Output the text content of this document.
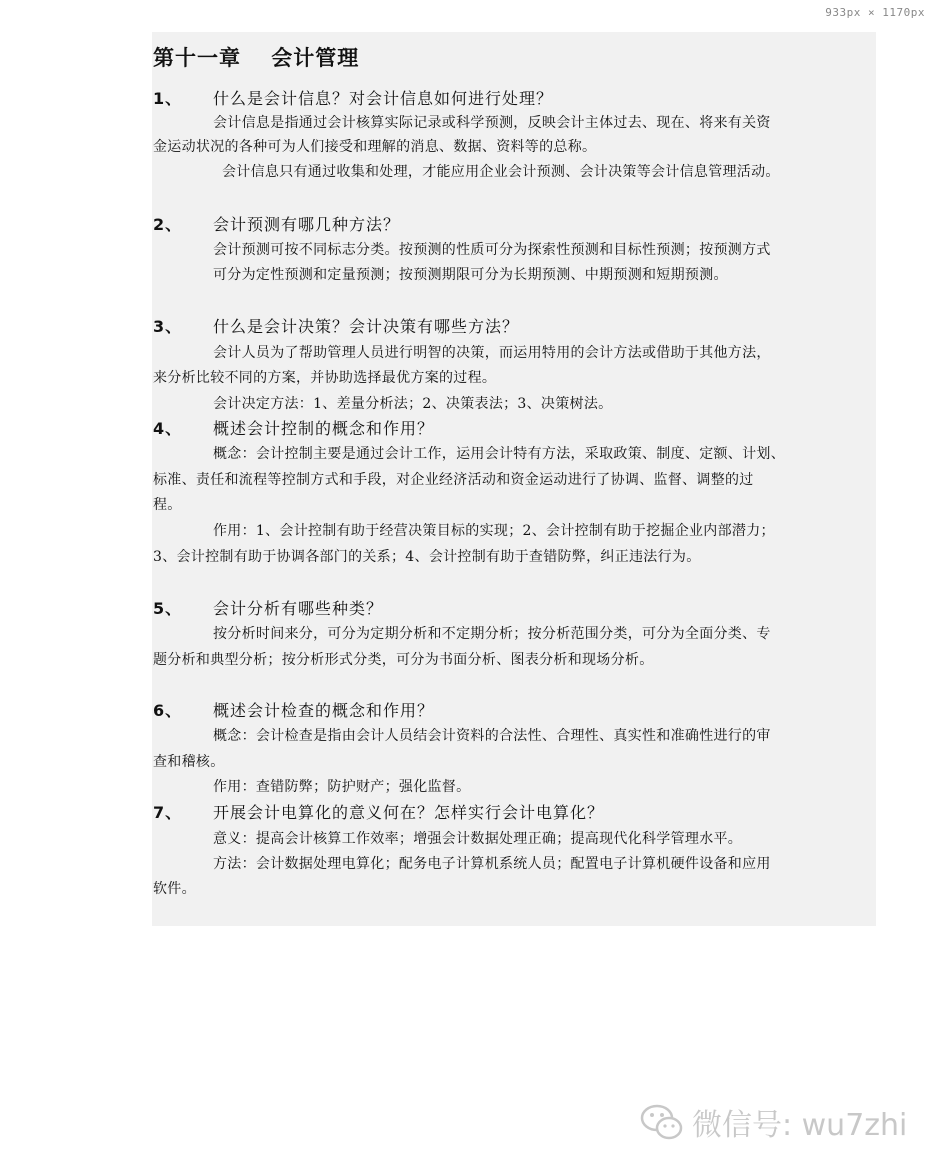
933px × 1170px
第十一章　 会计管理
1、 什么是会计信息？对会计信息如何进行处理？
会计信息是指通过会计核算实际记录或科学预测，反映会计主体过去、现在、将来有关资
金运动状况的各种可为人们接受和理解的消息、数据、资料等的总称。
会计信息只有通过收集和处理，才能应用企业会计预测、会计决策等会计信息管理活动。
2、 会计预测有哪几种方法？
会计预测可按不同标志分类。按预测的性质可分为探索性预测和目标性预测；按预测方式
可分为定性预测和定量预测；按预测期限可分为长期预测、中期预测和短期预测。
3、 什么是会计决策？会计决策有哪些方法？
会计人员为了帮助管理人员进行明智的决策，而运用特用的会计方法或借助于其他方法，
来分析比较不同的方案，并协助选择最优方案的过程。
会计决定方法：1、差量分析法；2、决策表法；3、决策树法。
4、 概述会计控制的概念和作用？
概念：会计控制主要是通过会计工作，运用会计特有方法，采取政策、制度、定额、计划、
标准、责任和流程等控制方式和手段，对企业经济活动和资金运动进行了协调、监督、调整的过
程。
作用：1、会计控制有助于经营决策目标的实现；2、会计控制有助于挖掘企业内部潜力；
3、会计控制有助于协调各部门的关系；4、会计控制有助于查错防弊，纠正违法行为。
5、 会计分析有哪些种类？
按分析时间来分，可分为定期分析和不定期分析；按分析范围分类，可分为全面分类、专
题分析和典型分析；按分析形式分类，可分为书面分析、图表分析和现场分析。
6、 概述会计检查的概念和作用？
概念：会计检查是指由会计人员结会计资料的合法性、合理性、真实性和准确性进行的审
查和稽核。
作用：查错防弊；防护财产；强化监督。
7、 开展会计电算化的意义何在？怎样实行会计电算化？
意义：提高会计核算工作效率；增强会计数据处理正确；提高现代化科学管理水平。
方法：会计数据处理电算化；配务电子计算机系统人员；配置电子计算机硬件设备和应用
软件。
微信号: wu7zhi
